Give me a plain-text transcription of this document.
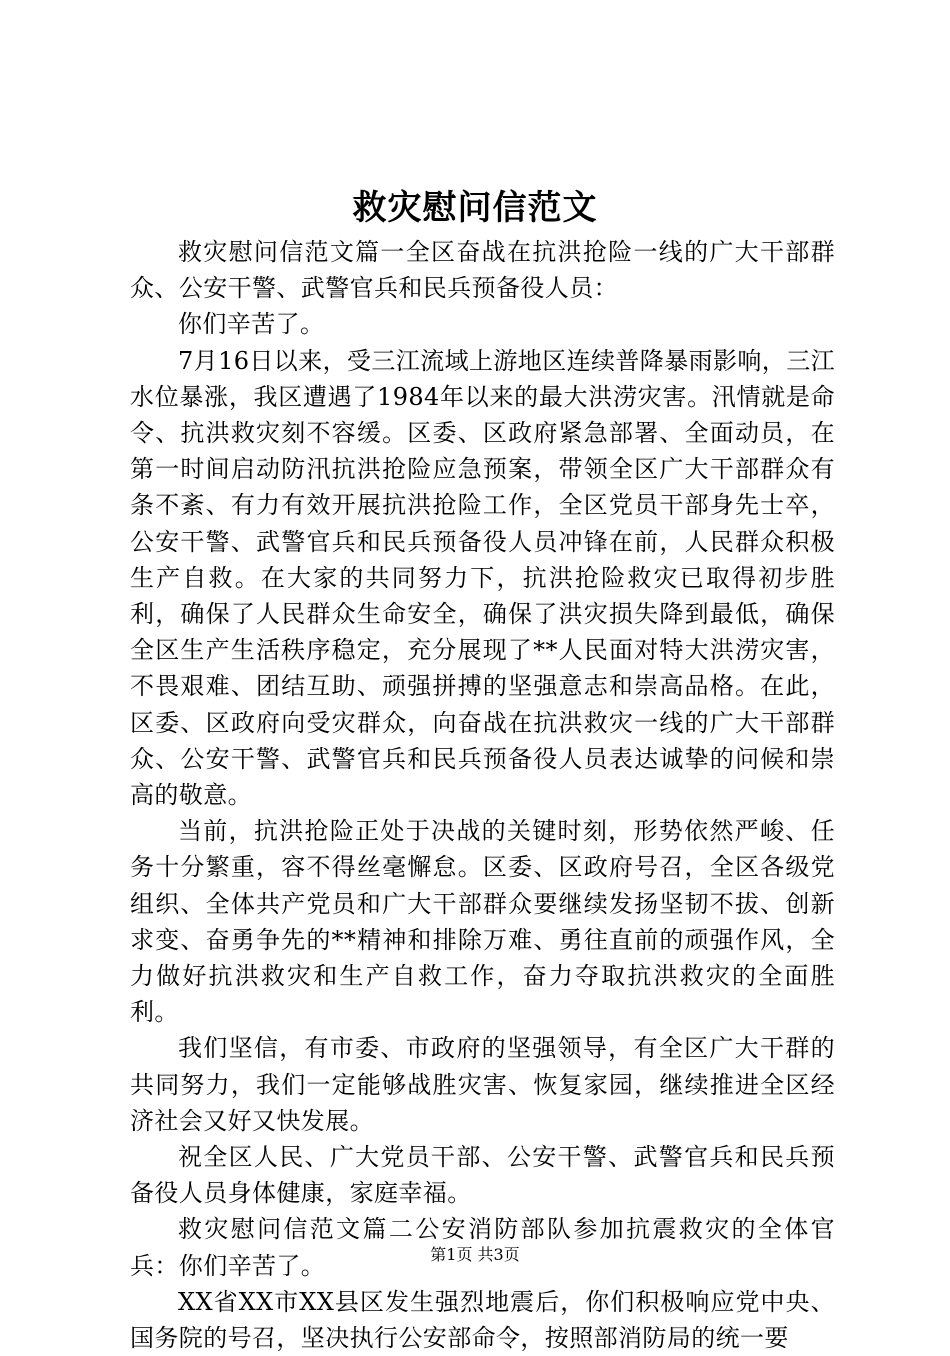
救灾慰问信范文

救灾慰问信范文篇一全区奋战在抗洪抢险一线的广大干部群众、公安干警、武警官兵和民兵预备役人员：

你们辛苦了。

7月16日以来，受三江流域上游地区连续普降暴雨影响，三江水位暴涨，我区遭遇了1984年以来的最大洪涝灾害。汛情就是命令、抗洪救灾刻不容缓。区委、区政府紧急部署、全面动员，在第一时间启动防汛抗洪抢险应急预案，带领全区广大干部群众有条不紊、有力有效开展抗洪抢险工作，全区党员干部身先士卒，公安干警、武警官兵和民兵预备役人员冲锋在前，人民群众积极生产自救。在大家的共同努力下，抗洪抢险救灾已取得初步胜利，确保了人民群众生命安全，确保了洪灾损失降到最低，确保全区生产生活秩序稳定，充分展现了**人民面对特大洪涝灾害，不畏艰难、团结互助、顽强拼搏的坚强意志和崇高品格。在此，区委、区政府向受灾群众，向奋战在抗洪救灾一线的广大干部群众、公安干警、武警官兵和民兵预备役人员表达诚挚的问候和崇高的敬意。

当前，抗洪抢险正处于决战的关键时刻，形势依然严峻、任务十分繁重，容不得丝毫懈怠。区委、区政府号召，全区各级党组织、全体共产党员和广大干部群众要继续发扬坚韧不拔、创新求变、奋勇争先的**精神和排除万难、勇往直前的顽强作风，全力做好抗洪救灾和生产自救工作，奋力夺取抗洪救灾的全面胜利。

我们坚信，有市委、市政府的坚强领导，有全区广大干群的共同努力，我们一定能够战胜灾害、恢复家园，继续推进全区经济社会又好又快发展。

祝全区人民、广大党员干部、公安干警、武警官兵和民兵预备役人员身体健康，家庭幸福。

救灾慰问信范文篇二公安消防部队参加抗震救灾的全体官兵：你们辛苦了。

XX省XX市XX县区发生强烈地震后，你们积极响应党中央、国务院的号召，坚决执行公安部命令，按照部消防局的统一要

第1页 共3页
